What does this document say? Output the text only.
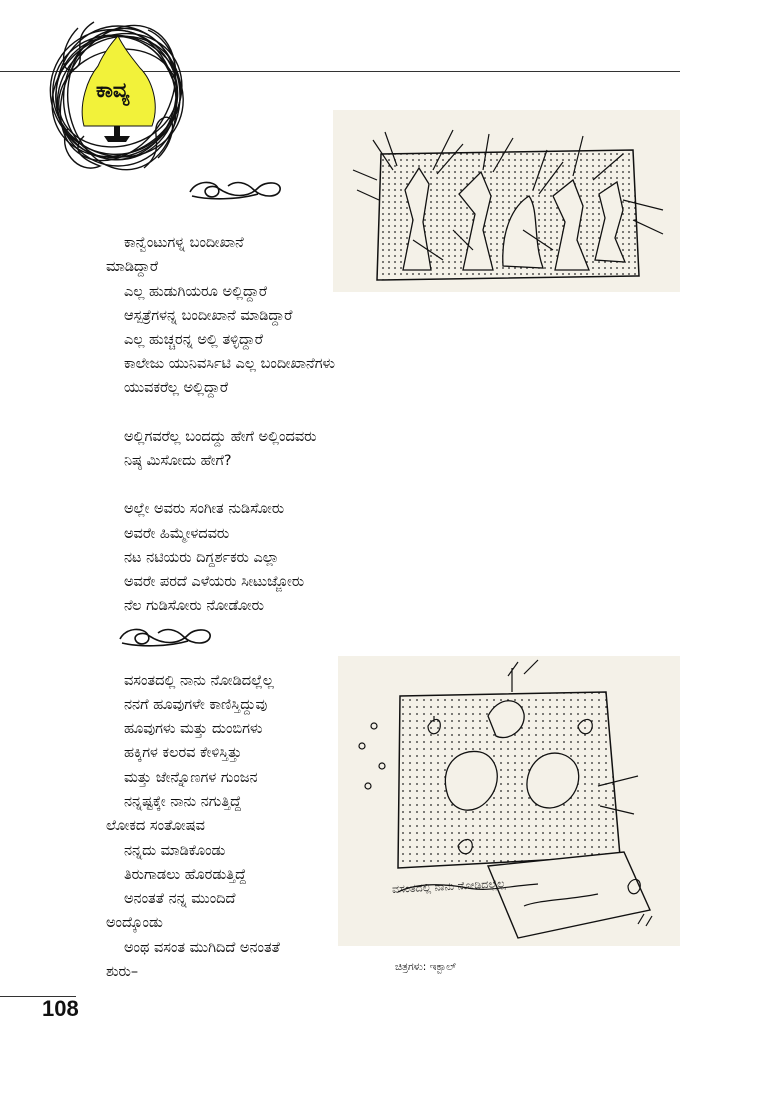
ಕಾವ್ಯ
ಕಾನ್ವೆಂಟುಗಳ್ನ ಬಂದೀಖಾನೆ
ಮಾಡಿದ್ದಾರೆ
ಎಲ್ಲ ಹುಡುಗಿಯರೂ ಅಲ್ಲಿದ್ದಾರೆ
ಆಸ್ಪತ್ರೆಗಳನ್ನ ಬಂದೀಖಾನೆ ಮಾಡಿದ್ದಾರೆ
ಎಲ್ಲ ಹುಚ್ಚರನ್ನ ಅಲ್ಲಿ ತಳ್ಳಿದ್ದಾರೆ
ಕಾಲೇಜು ಯುನಿವರ್ಸಿಟಿ ಎಲ್ಲ ಬಂದೀಖಾನೆಗಳು
ಯುವಕರೆಲ್ಲ ಅಲ್ಲಿದ್ದಾರೆ
ಅಲ್ಲಿಗವರೆಲ್ಲ ಬಂದದ್ದು ಹೇಗೆ ಅಲ್ಲಿಂದವರು
ನಿಷ್ಠ ಮಿಸೋದು ಹೇಗೆ?
ಅಲ್ಲೇ ಅವರು ಸಂಗೀತ ನುಡಿಸೋರು
ಅವರೇ ಹಿಮ್ಮೇಳದವರು
ನಟ ನಟಿಯರು ದಿಗ್ದರ್ಶಕರು ಎಲ್ಲಾ
ಅವರೇ ಪರದೆ ಎಳೆಯರು ಸೀಟುಜ್ಜೋರು
ನೆಲ ಗುಡಿಸೋರು ನೋಡೋರು
ವಸಂತದಲ್ಲಿ ನಾನು ನೋಡಿದಲ್ಲೆಲ್ಲ
ನನಗೆ ಹೂವುಗಳೇ ಕಾಣಿಸ್ತಿದ್ದುವು
ಹೂವುಗಳು ಮತ್ತು ದುಂಬಿಗಳು
ಹಕ್ಕಿಗಳ ಕಲರವ ಕೇಳಿಸ್ತಿತ್ತು
ಮತ್ತು ಜೇನ್ನೊಣಗಳ ಗುಂಜನ
ನನ್ನಷ್ಟಕ್ಕೇ ನಾನು ನಗುತ್ತಿದ್ದೆ
ಲೋಕದ ಸಂತೋಷವ
ನನ್ನದು ಮಾಡಿಕೊಂಡು
ತಿರುಗಾಡಲು ಹೊರಡುತ್ತಿದ್ದೆ
ಅನಂತತೆ ನನ್ನ ಮುಂದಿದೆ
ಅಂದ್ಕೊಂಡು
ಅಂಥ ವಸಂತ ಮುಗಿದಿದೆ ಅನಂತತೆ
ಶುರು–
ವಸಂತದಲ್ಲಿ ನಾನು ನೋಡಿದಲ್ಲೆಲ್ಲ
ಚಿತ್ರಗಳು: ಇಕ್ಬಾಲ್
108
